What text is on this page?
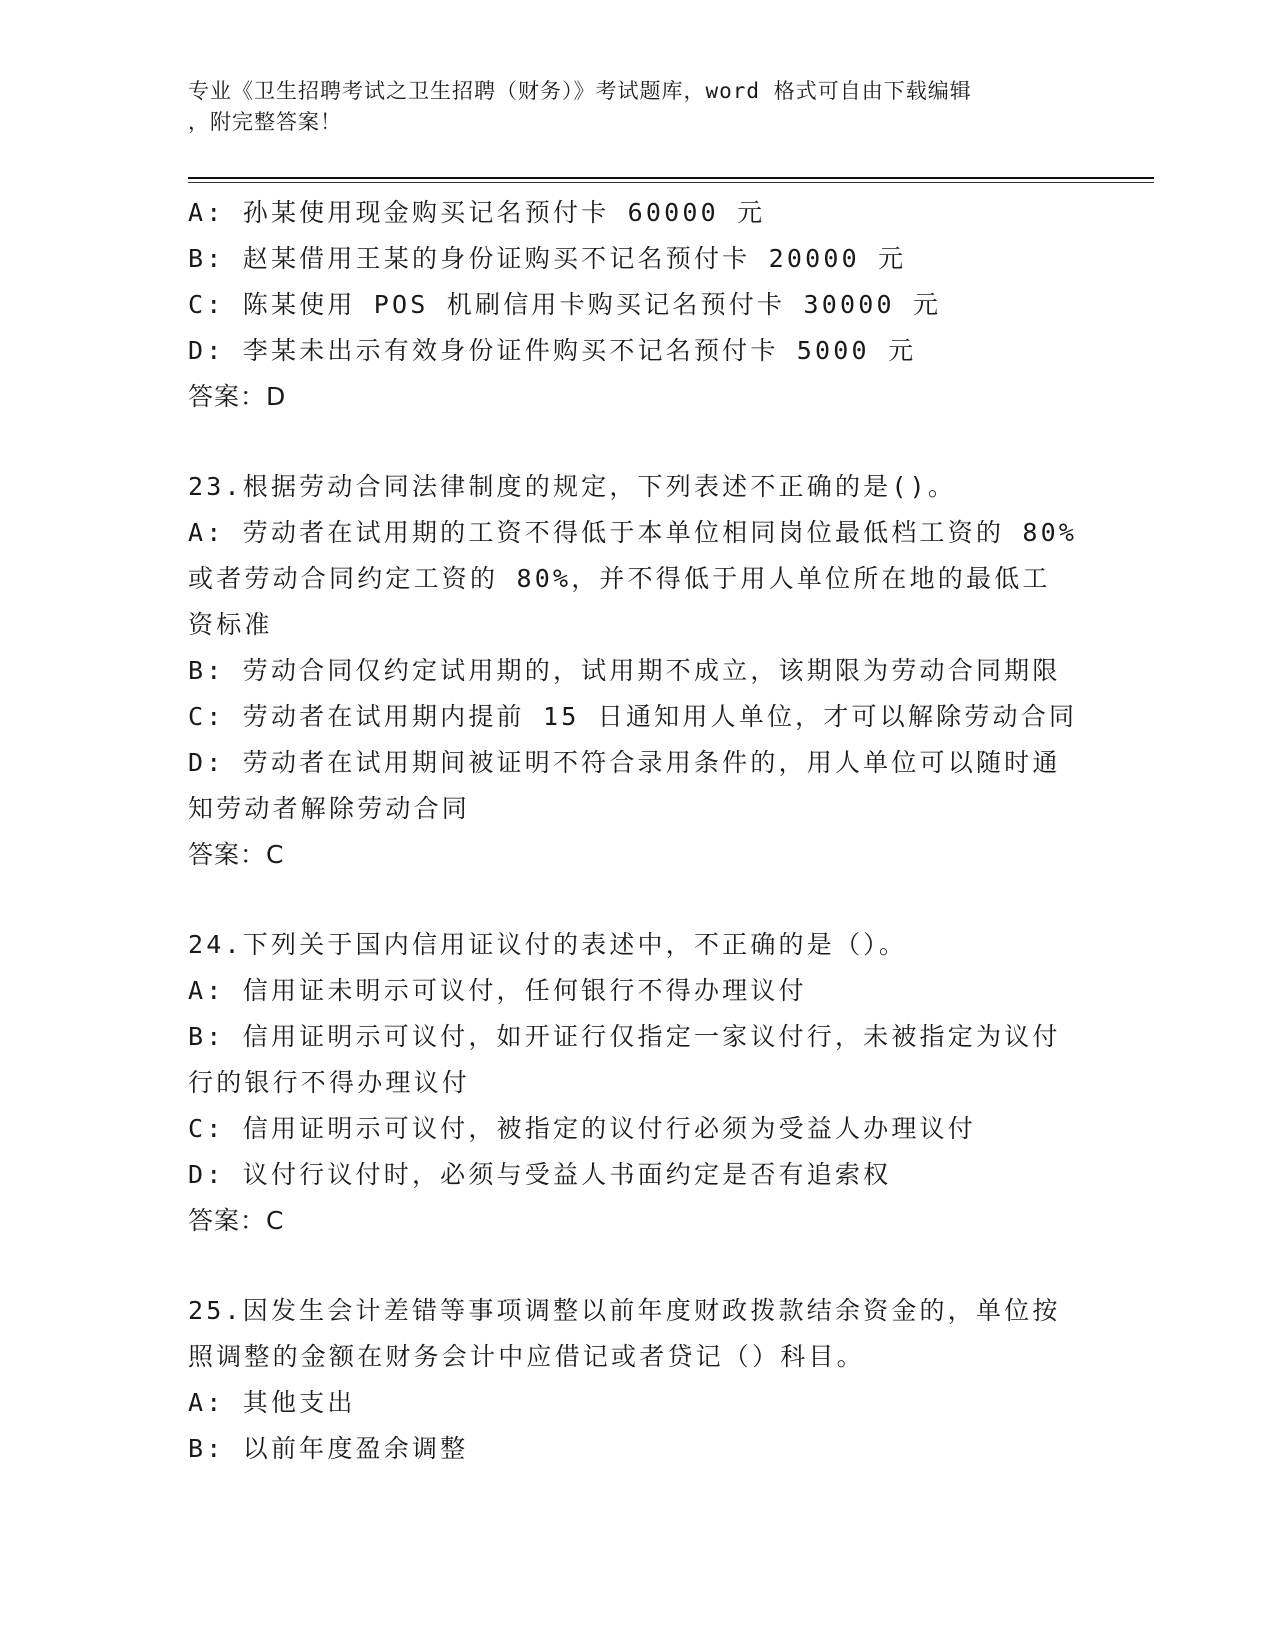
专业《卫生招聘考试之卫生招聘（财务）》考试题库，word 格式可自由下载编辑
，附完整答案！
A: 孙某使用现金购买记名预付卡 60000 元
B: 赵某借用王某的身份证购买不记名预付卡 20000 元
C: 陈某使用 POS 机刷信用卡购买记名预付卡 30000 元
D: 李某未出示有效身份证件购买不记名预付卡 5000 元
答案：D
23.根据劳动合同法律制度的规定，下列表述不正确的是()。
A: 劳动者在试用期的工资不得低于本单位相同岗位最低档工资的 80%
或者劳动合同约定工资的 80%，并不得低于用人单位所在地的最低工
资标准
B: 劳动合同仅约定试用期的，试用期不成立，该期限为劳动合同期限
C: 劳动者在试用期内提前 15 日通知用人单位，才可以解除劳动合同
D: 劳动者在试用期间被证明不符合录用条件的，用人单位可以随时通
知劳动者解除劳动合同
答案：C
24.下列关于国内信用证议付的表述中，不正确的是（）。
A: 信用证未明示可议付，任何银行不得办理议付
B: 信用证明示可议付，如开证行仅指定一家议付行，未被指定为议付
行的银行不得办理议付
C: 信用证明示可议付，被指定的议付行必须为受益人办理议付
D: 议付行议付时，必须与受益人书面约定是否有追索权
答案：C
25.因发生会计差错等事项调整以前年度财政拨款结余资金的，单位按
照调整的金额在财务会计中应借记或者贷记（）科目。
A: 其他支出
B: 以前年度盈余调整
